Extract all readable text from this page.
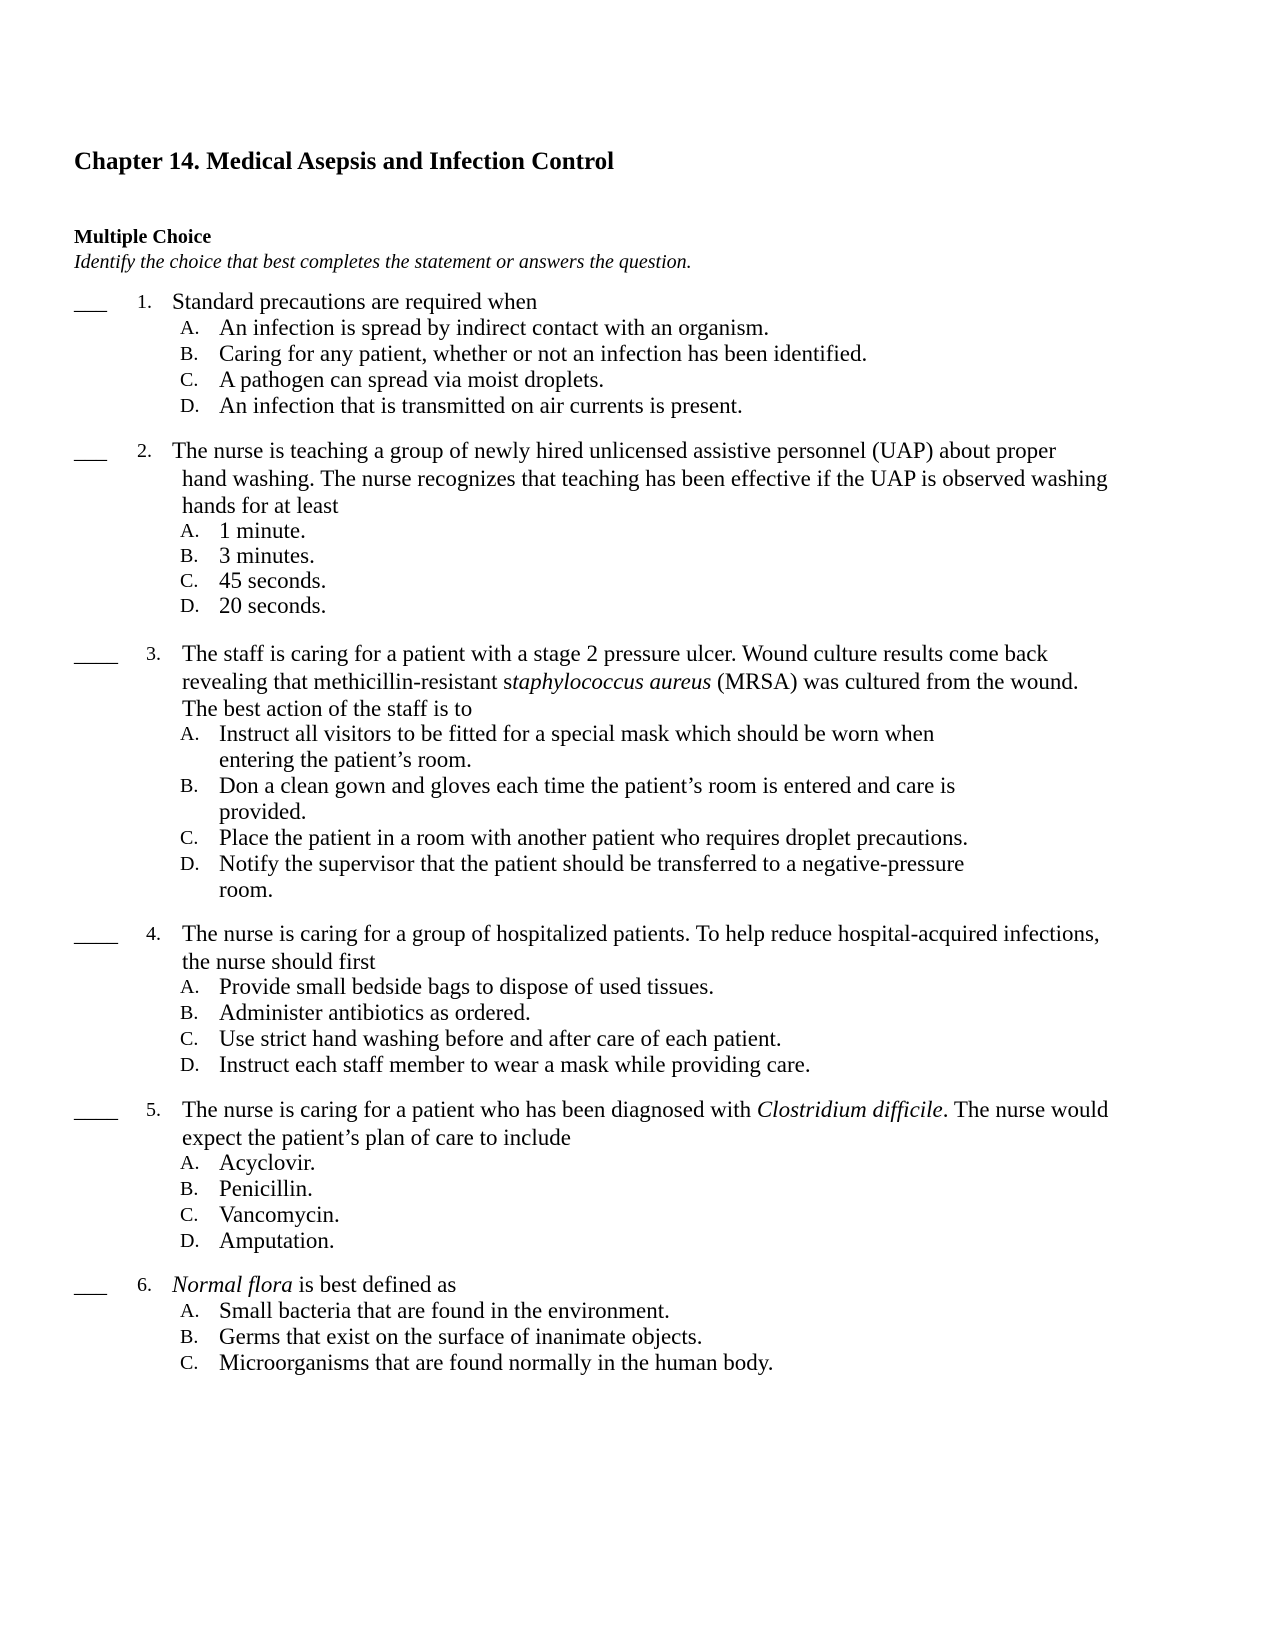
Chapter 14. Medical Asepsis and Infection Control
Multiple Choice
Identify the choice that best completes the statement or answers the question.
___	1. Standard precautions are required when
A. An infection is spread by indirect contact with an organism.
B. Caring for any patient, whether or not an infection has been identified.
C. A pathogen can spread via moist droplets.
D. An infection that is transmitted on air currents is present.
___	2. The nurse is teaching a group of newly hired unlicensed assistive personnel (UAP) about proper
hand washing. The nurse recognizes that teaching has been effective if the UAP is observed washing
hands for at least
A. 1 minute.
B. 3 minutes.
C. 45 seconds.
D. 20 seconds.
____	3. The staff is caring for a patient with a stage 2 pressure ulcer. Wound culture results come back
revealing that methicillin-resistant staphylococcus aureus (MRSA) was cultured from the wound.
The best action of the staff is to
A. Instruct all visitors to be fitted for a special mask which should be worn when
entering the patient’s room.
B. Don a clean gown and gloves each time the patient’s room is entered and care is
provided.
C. Place the patient in a room with another patient who requires droplet precautions.
D. Notify the supervisor that the patient should be transferred to a negative-pressure
room.
____	4. The nurse is caring for a group of hospitalized patients. To help reduce hospital-acquired infections,
the nurse should first
A. Provide small bedside bags to dispose of used tissues.
B. Administer antibiotics as ordered.
C. Use strict hand washing before and after care of each patient.
D. Instruct each staff member to wear a mask while providing care.
____	5. The nurse is caring for a patient who has been diagnosed with Clostridium difficile. The nurse would
expect the patient’s plan of care to include
A. Acyclovir.
B. Penicillin.
C. Vancomycin.
D. Amputation.
___	6. Normal flora is best defined as
A. Small bacteria that are found in the environment.
B. Germs that exist on the surface of inanimate objects.
C. Microorganisms that are found normally in the human body.
